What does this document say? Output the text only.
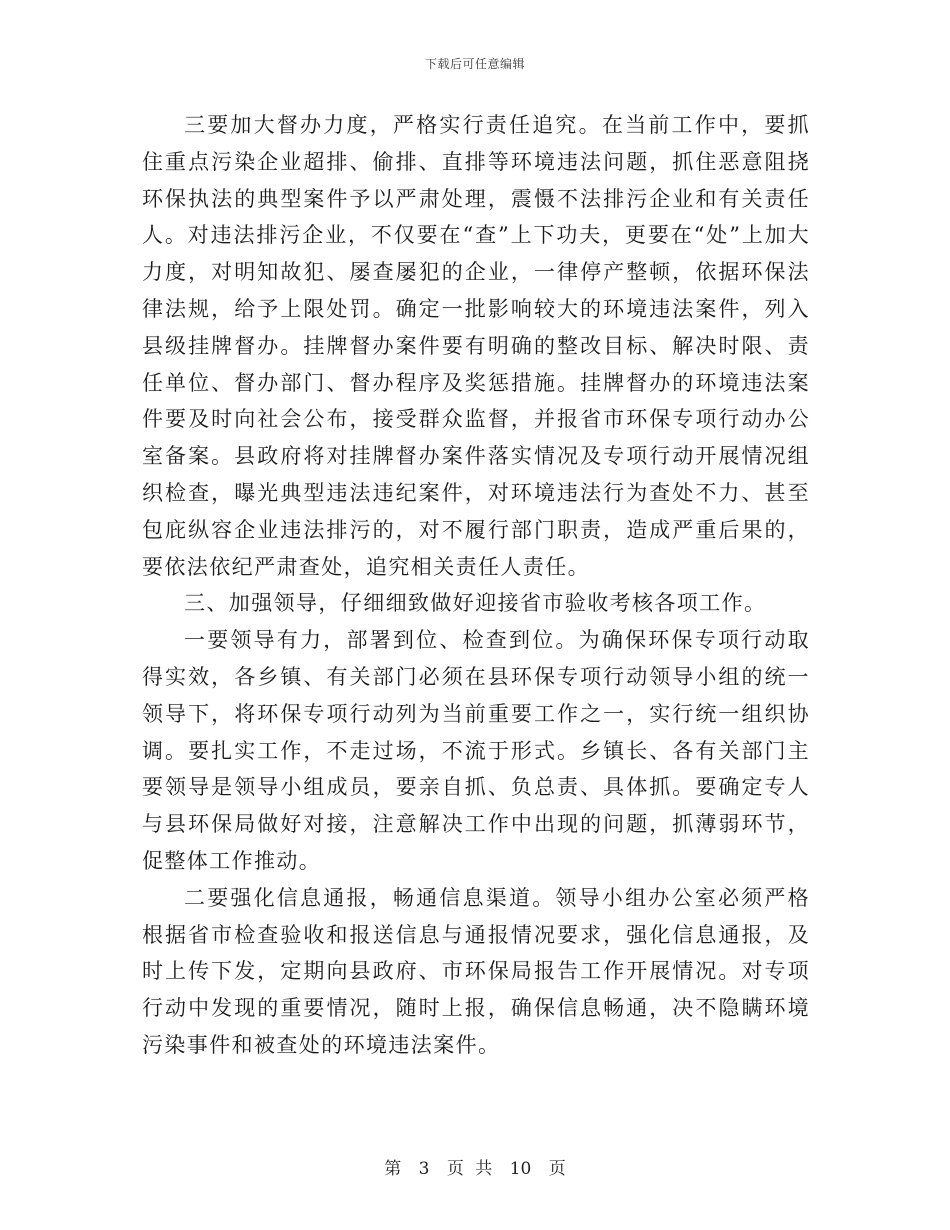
下载后可任意编辑

三要加大督办力度，严格实行责任追究。在当前工作中，要抓住重点污染企业超排、偷排、直排等环境违法问题，抓住恶意阻挠环保执法的典型案件予以严肃处理，震慑不法排污企业和有关责任人。对违法排污企业，不仅要在“查”上下功夫，更要在“处”上加大力度，对明知故犯、屡查屡犯的企业，一律停产整顿，依据环保法律法规，给予上限处罚。确定一批影响较大的环境违法案件，列入县级挂牌督办。挂牌督办案件要有明确的整改目标、解决时限、责任单位、督办部门、督办程序及奖惩措施。挂牌督办的环境违法案件要及时向社会公布，接受群众监督，并报省市环保专项行动办公室备案。县政府将对挂牌督办案件落实情况及专项行动开展情况组织检查，曝光典型违法违纪案件，对环境违法行为查处不力、甚至包庇纵容企业违法排污的，对不履行部门职责，造成严重后果的，要依法依纪严肃查处，追究相关责任人责任。

三、加强领导，仔细细致做好迎接省市验收考核各项工作。

一要领导有力，部署到位、检查到位。为确保环保专项行动取得实效，各乡镇、有关部门必须在县环保专项行动领导小组的统一领导下，将环保专项行动列为当前重要工作之一，实行统一组织协调。要扎实工作，不走过场，不流于形式。乡镇长、各有关部门主要领导是领导小组成员，要亲自抓、负总责、具体抓。要确定专人与县环保局做好对接，注意解决工作中出现的问题，抓薄弱环节，促整体工作推动。

二要强化信息通报，畅通信息渠道。领导小组办公室必须严格根据省市检查验收和报送信息与通报情况要求，强化信息通报，及时上传下发，定期向县政府、市环保局报告工作开展情况。对专项行动中发现的重要情况，随时上报，确保信息畅通，决不隐瞒环境污染事件和被查处的环境违法案件。

第 3 页 共 10 页
